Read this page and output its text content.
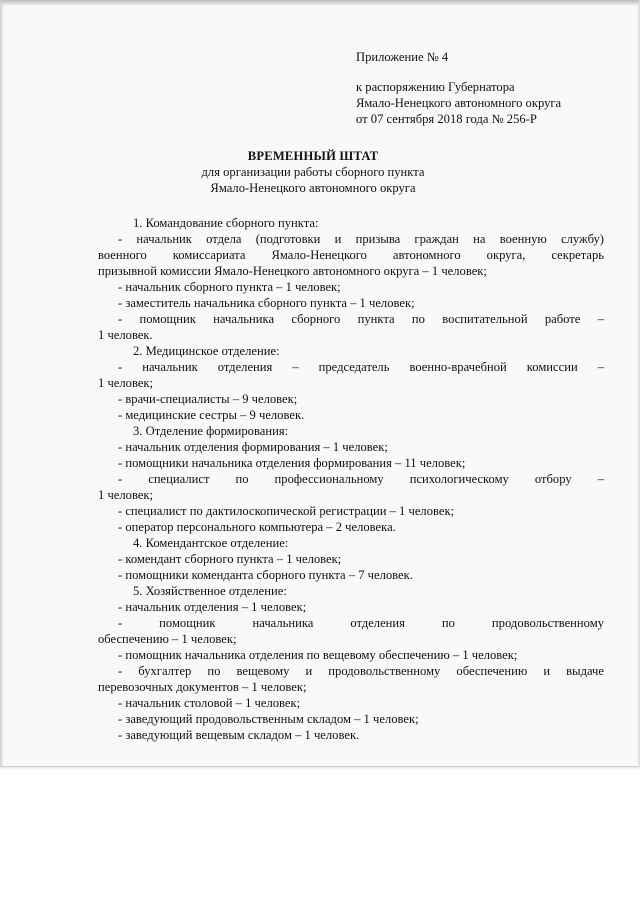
Приложение № 4
к распоряжению Губернатора
Ямало-Ненецкого автономного округа
от 07 сентября 2018 года № 256-Р
ВРЕМЕННЫЙ ШТАТ
для организации работы сборного пункта
Ямало-Ненецкого автономного округа
1. Командование сборного пункта:
- начальник отдела (подготовки и призыва граждан на военную службу)
военного комиссариата Ямало-Ненецкого автономного округа, секретарь
призывной комиссии Ямало-Ненецкого автономного округа – 1 человек;
- начальник сборного пункта – 1 человек;
- заместитель начальника сборного пункта – 1 человек;
- помощник начальника сборного пункта по воспитательной работе –
1 человек.
2. Медицинское отделение:
- начальник отделения – председатель военно-врачебной комиссии –
1 человек;
- врачи-специалисты – 9 человек;
- медицинские сестры – 9 человек.
3. Отделение формирования:
- начальник отделения формирования – 1 человек;
- помощники начальника отделения формирования – 11 человек;
- специалист по профессиональному психологическому отбору –
1 человек;
- специалист по дактилоскопической регистрации – 1 человек;
- оператор персонального компьютера – 2 человека.
4. Комендантское отделение:
- комендант сборного пункта – 1 человек;
- помощники коменданта сборного пункта – 7 человек.
5. Хозяйственное отделение:
- начальник отделения – 1 человек;
- помощник начальника отделения по продовольственному
обеспечению – 1 человек;
- помощник начальника отделения по вещевому обеспечению – 1 человек;
- бухгалтер по вещевому и продовольственному обеспечению и выдаче
перевозочных документов – 1 человек;
- начальник столовой – 1 человек;
- заведующий продовольственным складом – 1 человек;
- заведующий вещевым складом – 1 человек.
